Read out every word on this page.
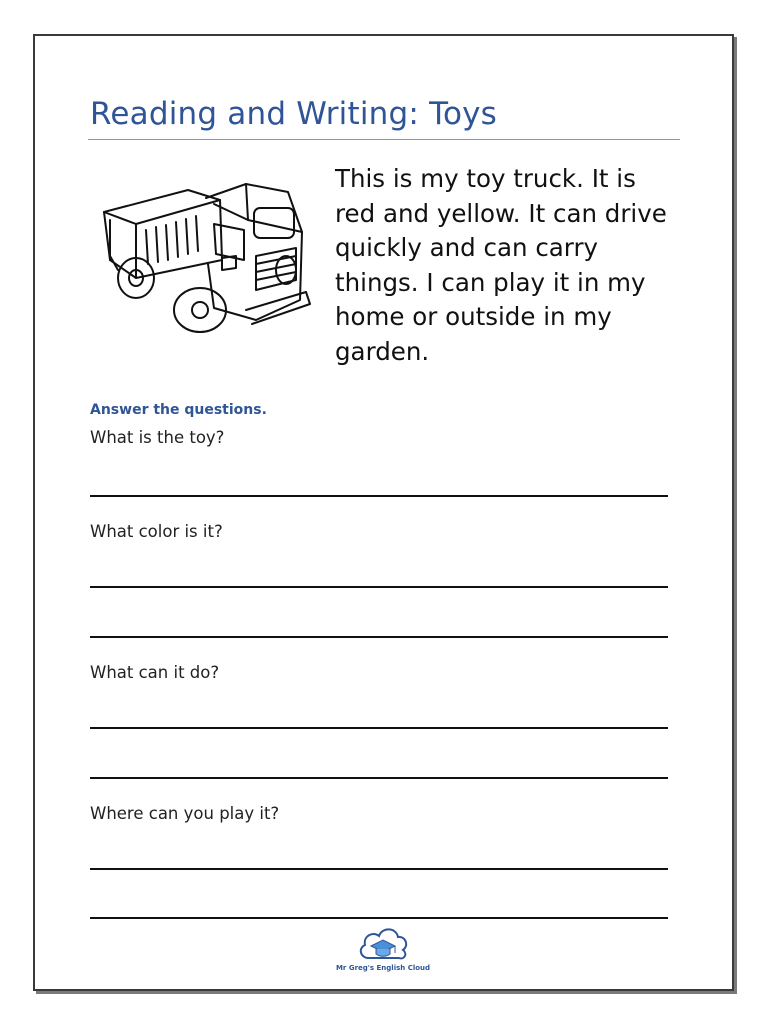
Reading and Writing: Toys
This is my toy truck. It is red and yellow. It can drive quickly and can carry things. I can play it in my home or outside in my garden.
Answer the questions.
What is the toy?
What color is it?
What can it do?
Where can you play it?
Mr Greg's English Cloud
